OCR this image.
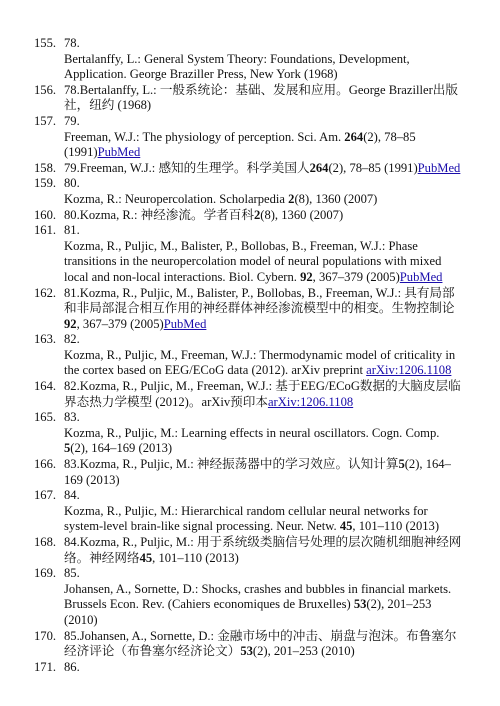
155. 78.
Bertalanffy, L.: General System Theory: Foundations, Development, Application. George Braziller Press, New York (1968)
156. 78.Bertalanffy, L.: 一般系统论：基础、发展和应用。George Braziller出版社，纽约 (1968)
157. 79.
Freeman, W.J.: The physiology of perception. Sci. Am. 264(2), 78–85 (1991)PubMed
158. 79.Freeman, W.J.: 感知的生理学。科学美国人264(2), 78–85 (1991)PubMed
159. 80.
Kozma, R.: Neuropercolation. Scholarpedia 2(8), 1360 (2007)
160. 80.Kozma, R.: 神经渗流。学者百科2(8), 1360 (2007)
161. 81.
Kozma, R., Puljic, M., Balister, P., Bollobas, B., Freeman, W.J.: Phase transitions in the neuropercolation model of neural populations with mixed local and non-local interactions. Biol. Cybern. 92, 367–379 (2005)PubMed
162. 81.Kozma, R., Puljic, M., Balister, P., Bollobas, B., Freeman, W.J.: 具有局部和非局部混合相互作用的神经群体神经渗流模型中的相变。生物控制论92, 367–379 (2005)PubMed
163. 82.
Kozma, R., Puljic, M., Freeman, W.J.: Thermodynamic model of criticality in the cortex based on EEG/ECoG data (2012). arXiv preprint arXiv:1206.1108
164. 82.Kozma, R., Puljic, M., Freeman, W.J.: 基于EEG/ECoG数据的大脑皮层临界态热力学模型 (2012)。arXiv预印本arXiv:1206.1108
165. 83.
Kozma, R., Puljic, M.: Learning effects in neural oscillators. Cogn. Comp. 5(2), 164–169 (2013)
166. 83.Kozma, R., Puljic, M.: 神经振荡器中的学习效应。认知计算5(2), 164–169 (2013)
167. 84.
Kozma, R., Puljic, M.: Hierarchical random cellular neural networks for system-level brain-like signal processing. Neur. Netw. 45, 101–110 (2013)
168. 84.Kozma, R., Puljic, M.: 用于系统级类脑信号处理的层次随机细胞神经网络。神经网络45, 101–110 (2013)
169. 85.
Johansen, A., Sornette, D.: Shocks, crashes and bubbles in financial markets. Brussels Econ. Rev. (Cahiers economiques de Bruxelles) 53(2), 201–253 (2010)
170. 85.Johansen, A., Sornette, D.: 金融市场中的冲击、崩盘与泡沫。布鲁塞尔经济评论（布鲁塞尔经济论文）53(2), 201–253 (2010)
171. 86.
